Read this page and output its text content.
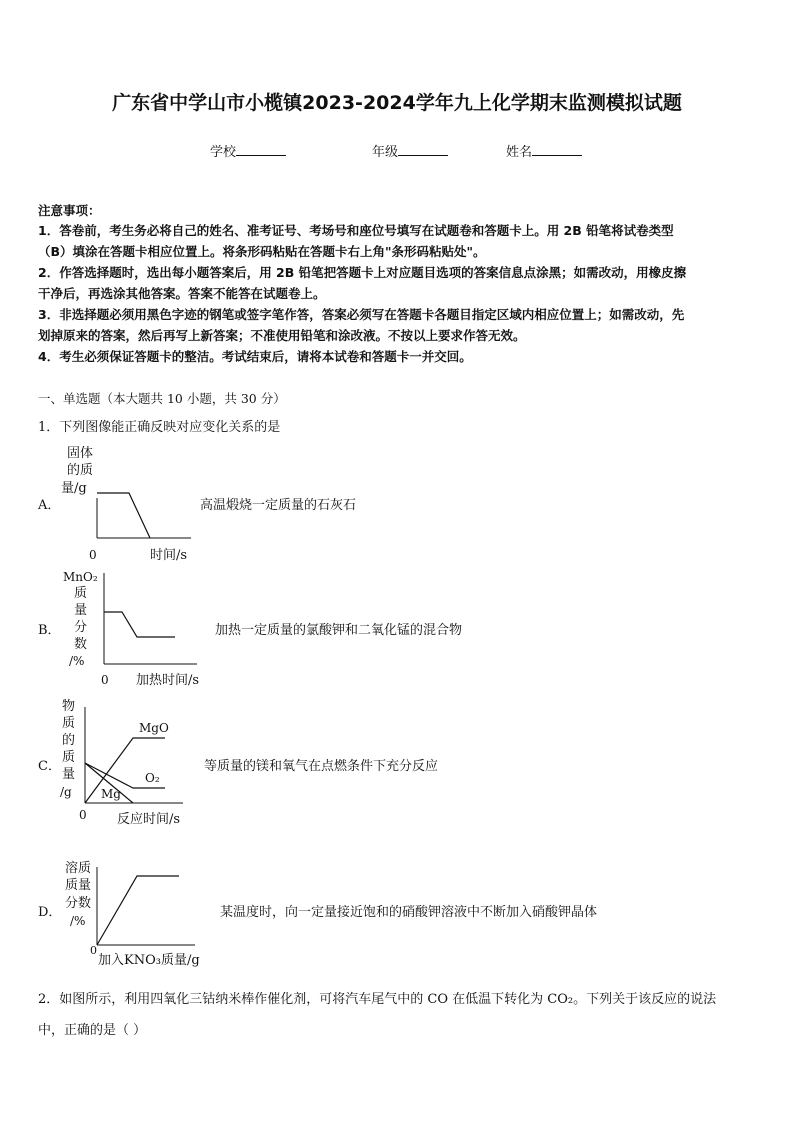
广东省中学山市小榄镇2023-2024学年九上化学期末监测模拟试题
学校	年级	姓名
注意事项：
1．答卷前，考生务必将自己的姓名、准考证号、考场号和座位号填写在试题卷和答题卡上。用 2B 铅笔将试卷类型
（B）填涂在答题卡相应位置上。将条形码粘贴在答题卡右上角"条形码粘贴处"。
2．作答选择题时，选出每小题答案后，用 2B 铅笔把答题卡上对应题目选项的答案信息点涂黑；如需改动，用橡皮擦
干净后，再选涂其他答案。答案不能答在试题卷上。
3．非选择题必须用黑色字迹的钢笔或签字笔作答，答案必须写在答题卡各题目指定区域内相应位置上；如需改动，先
划掉原来的答案，然后再写上新答案；不准使用铅笔和涂改液。不按以上要求作答无效。
4．考生必须保证答题卡的整洁。考试结束后，请将本试卷和答题卡一并交回。
一、单选题（本大题共 10 小题，共 30 分）
1．下列图像能正确反映对应变化关系的是
A．	高温煅烧一定质量的石灰石
固体
的质
量/g
0	时间/s
B．	加热一定质量的氯酸钾和二氧化锰的混合物
MnO₂
质
量
分
数
/%
0 加热时间/s
C．	等质量的镁和氧气在点燃条件下充分反应
物
质
的
质
量
/g
MgO
O₂
Mg
0 反应时间/s
D．	某温度时，向一定量接近饱和的硝酸钾溶液中不断加入硝酸钾晶体
溶质
质量
分数
/%
0
加入KNO₃质量/g
2．如图所示，利用四氧化三钴纳米棒作催化剂，可将汽车尾气中的 CO 在低温下转化为 CO₂。下列关于该反应的说法
中，正确的是（ ）
